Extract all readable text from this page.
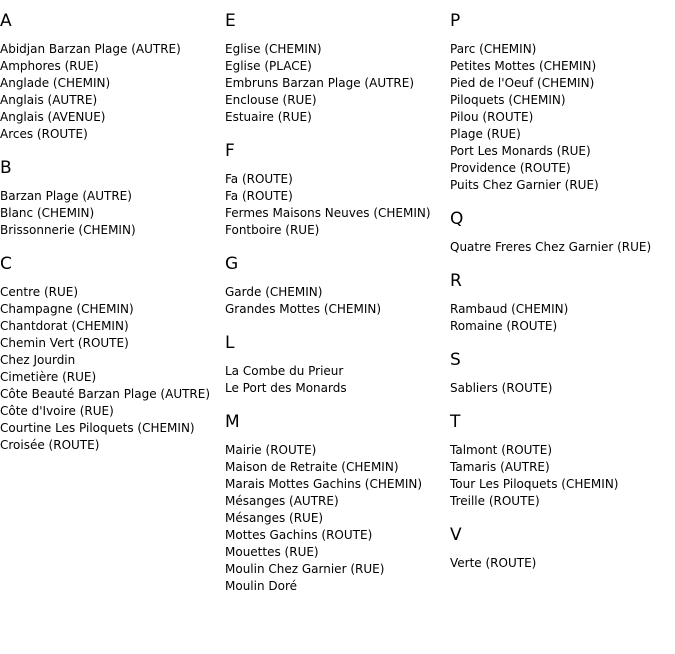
A
Abidjan Barzan Plage (AUTRE)
Amphores (RUE)
Anglade (CHEMIN)
Anglais (AUTRE)
Anglais (AVENUE)
Arces (ROUTE)
B
Barzan Plage (AUTRE)
Blanc (CHEMIN)
Brissonnerie (CHEMIN)
C
Centre (RUE)
Champagne (CHEMIN)
Chantdorat (CHEMIN)
Chemin Vert (ROUTE)
Chez Jourdin
Cimetière (RUE)
Côte Beauté Barzan Plage (AUTRE)
Côte d'Ivoire (RUE)
Courtine Les Piloquets (CHEMIN)
Croisée (ROUTE)
E
Eglise (CHEMIN)
Eglise (PLACE)
Embruns Barzan Plage (AUTRE)
Enclouse (RUE)
Estuaire (RUE)
F
Fa (ROUTE)
Fa (ROUTE)
Fermes Maisons Neuves (CHEMIN)
Fontboire (RUE)
G
Garde (CHEMIN)
Grandes Mottes (CHEMIN)
L
La Combe du Prieur
Le Port des Monards
M
Mairie (ROUTE)
Maison de Retraite (CHEMIN)
Marais Mottes Gachins (CHEMIN)
Mésanges (AUTRE)
Mésanges (RUE)
Mottes Gachins (ROUTE)
Mouettes (RUE)
Moulin Chez Garnier (RUE)
Moulin Doré
P
Parc (CHEMIN)
Petites Mottes (CHEMIN)
Pied de l'Oeuf (CHEMIN)
Piloquets (CHEMIN)
Pilou (ROUTE)
Plage (RUE)
Port Les Monards (RUE)
Providence (ROUTE)
Puits Chez Garnier (RUE)
Q
Quatre Freres Chez Garnier (RUE)
R
Rambaud (CHEMIN)
Romaine (ROUTE)
S
Sabliers (ROUTE)
T
Talmont (ROUTE)
Tamaris (AUTRE)
Tour Les Piloquets (CHEMIN)
Treille (ROUTE)
V
Verte (ROUTE)
